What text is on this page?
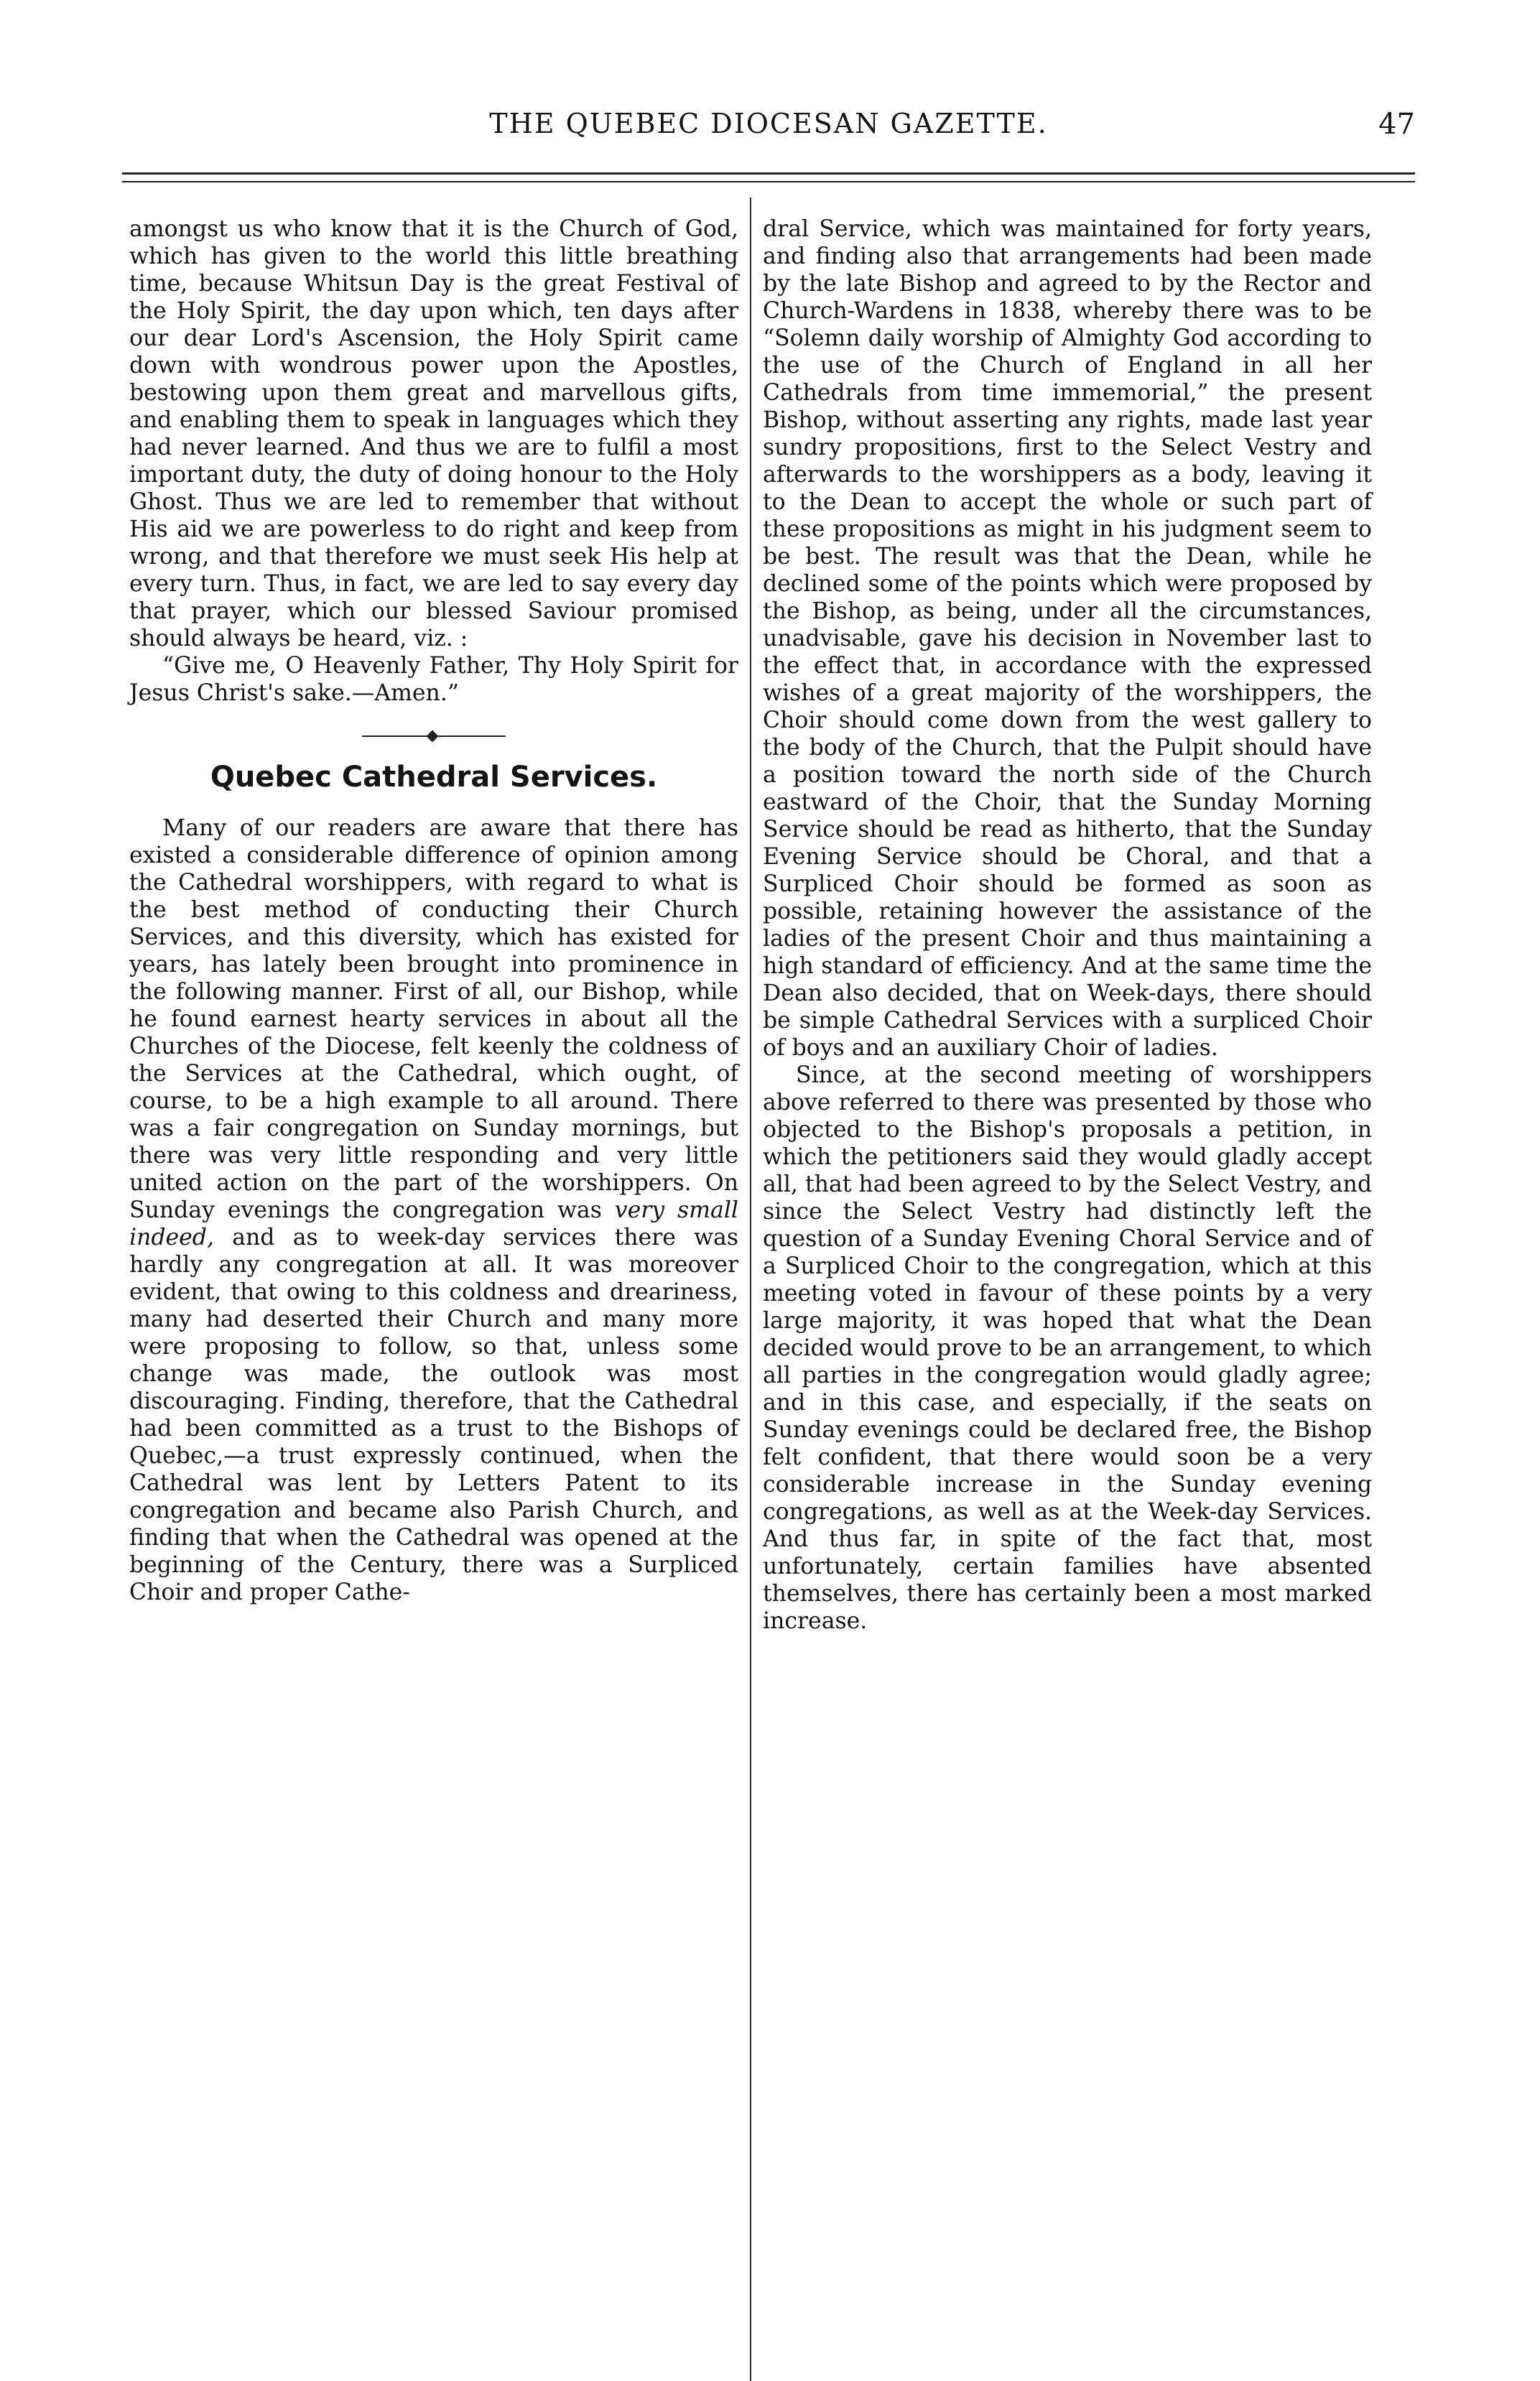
THE QUEBEC DIOCESAN GAZETTE.	47

amongst us who know that it is the Church of God, which has given to the world this little breathing time, because Whitsun Day is the great Festival of the Holy Spirit, the day upon which, ten days after our dear Lord's Ascension, the Holy Spirit came down with wondrous power upon the Apostles, bestowing upon them great and marvellous gifts, and enabling them to speak in languages which they had never learned. And thus we are to fulfil a most important duty, the duty of doing honour to the Holy Ghost. Thus we are led to remember that without His aid we are powerless to do right and keep from wrong, and that therefore we must seek His help at every turn. Thus, in fact, we are led to say every day that prayer, which our blessed Saviour promised should always be heard, viz. :

“Give me, O Heavenly Father, Thy Holy Spirit for Jesus Christ's sake.—Amen.”

Quebec Cathedral Services.

Many of our readers are aware that there has existed a considerable difference of opinion among the Cathedral worshippers, with regard to what is the best method of conducting their Church Services, and this diversity, which has existed for years, has lately been brought into prominence in the following manner. First of all, our Bishop, while he found earnest hearty services in about all the Churches of the Diocese, felt keenly the coldness of the Services at the Cathedral, which ought, of course, to be a high example to all around. There was a fair congregation on Sunday mornings, but there was very little responding and very little united action on the part of the worshippers. On Sunday evenings the congregation was very small indeed, and as to week-day services there was hardly any congregation at all. It was moreover evident, that owing to this coldness and dreariness, many had deserted their Church and many more were proposing to follow, so that, unless some change was made, the outlook was most discouraging. Finding, therefore, that the Cathedral had been committed as a trust to the Bishops of Quebec,—a trust expressly continued, when the Cathedral was lent by Letters Patent to its congregation and became also Parish Church, and finding that when the Cathedral was opened at the beginning of the Century, there was a Surpliced Choir and proper Cathe-

dral Service, which was maintained for forty years, and finding also that arrangements had been made by the late Bishop and agreed to by the Rector and Church-Wardens in 1838, whereby there was to be “Solemn daily worship of Almighty God according to the use of the Church of England in all her Cathedrals from time immemorial,” the present Bishop, without asserting any rights, made last year sundry propositions, first to the Select Vestry and afterwards to the worshippers as a body, leaving it to the Dean to accept the whole or such part of these propositions as might in his judgment seem to be best. The result was that the Dean, while he declined some of the points which were proposed by the Bishop, as being, under all the circumstances, unadvisable, gave his decision in November last to the effect that, in accordance with the expressed wishes of a great majority of the worshippers, the Choir should come down from the west gallery to the body of the Church, that the Pulpit should have a position toward the north side of the Church eastward of the Choir, that the Sunday Morning Service should be read as hitherto, that the Sunday Evening Service should be Choral, and that a Surpliced Choir should be formed as soon as possible, retaining however the assistance of the ladies of the present Choir and thus maintaining a high standard of efficiency. And at the same time the Dean also decided, that on Week-days, there should be simple Cathedral Services with a surpliced Choir of boys and an auxiliary Choir of ladies.

Since, at the second meeting of worshippers above referred to there was presented by those who objected to the Bishop's proposals a petition, in which the petitioners said they would gladly accept all, that had been agreed to by the Select Vestry, and since the Select Vestry had distinctly left the question of a Sunday Evening Choral Service and of a Surpliced Choir to the congregation, which at this meeting voted in favour of these points by a very large majority, it was hoped that what the Dean decided would prove to be an arrangement, to which all parties in the congregation would gladly agree; and in this case, and especially, if the seats on Sunday evenings could be declared free, the Bishop felt confident, that there would soon be a very considerable increase in the Sunday evening congregations, as well as at the Week-day Services. And thus far, in spite of the fact that, most unfortunately, certain families have absented themselves, there has certainly been a most marked increase.
